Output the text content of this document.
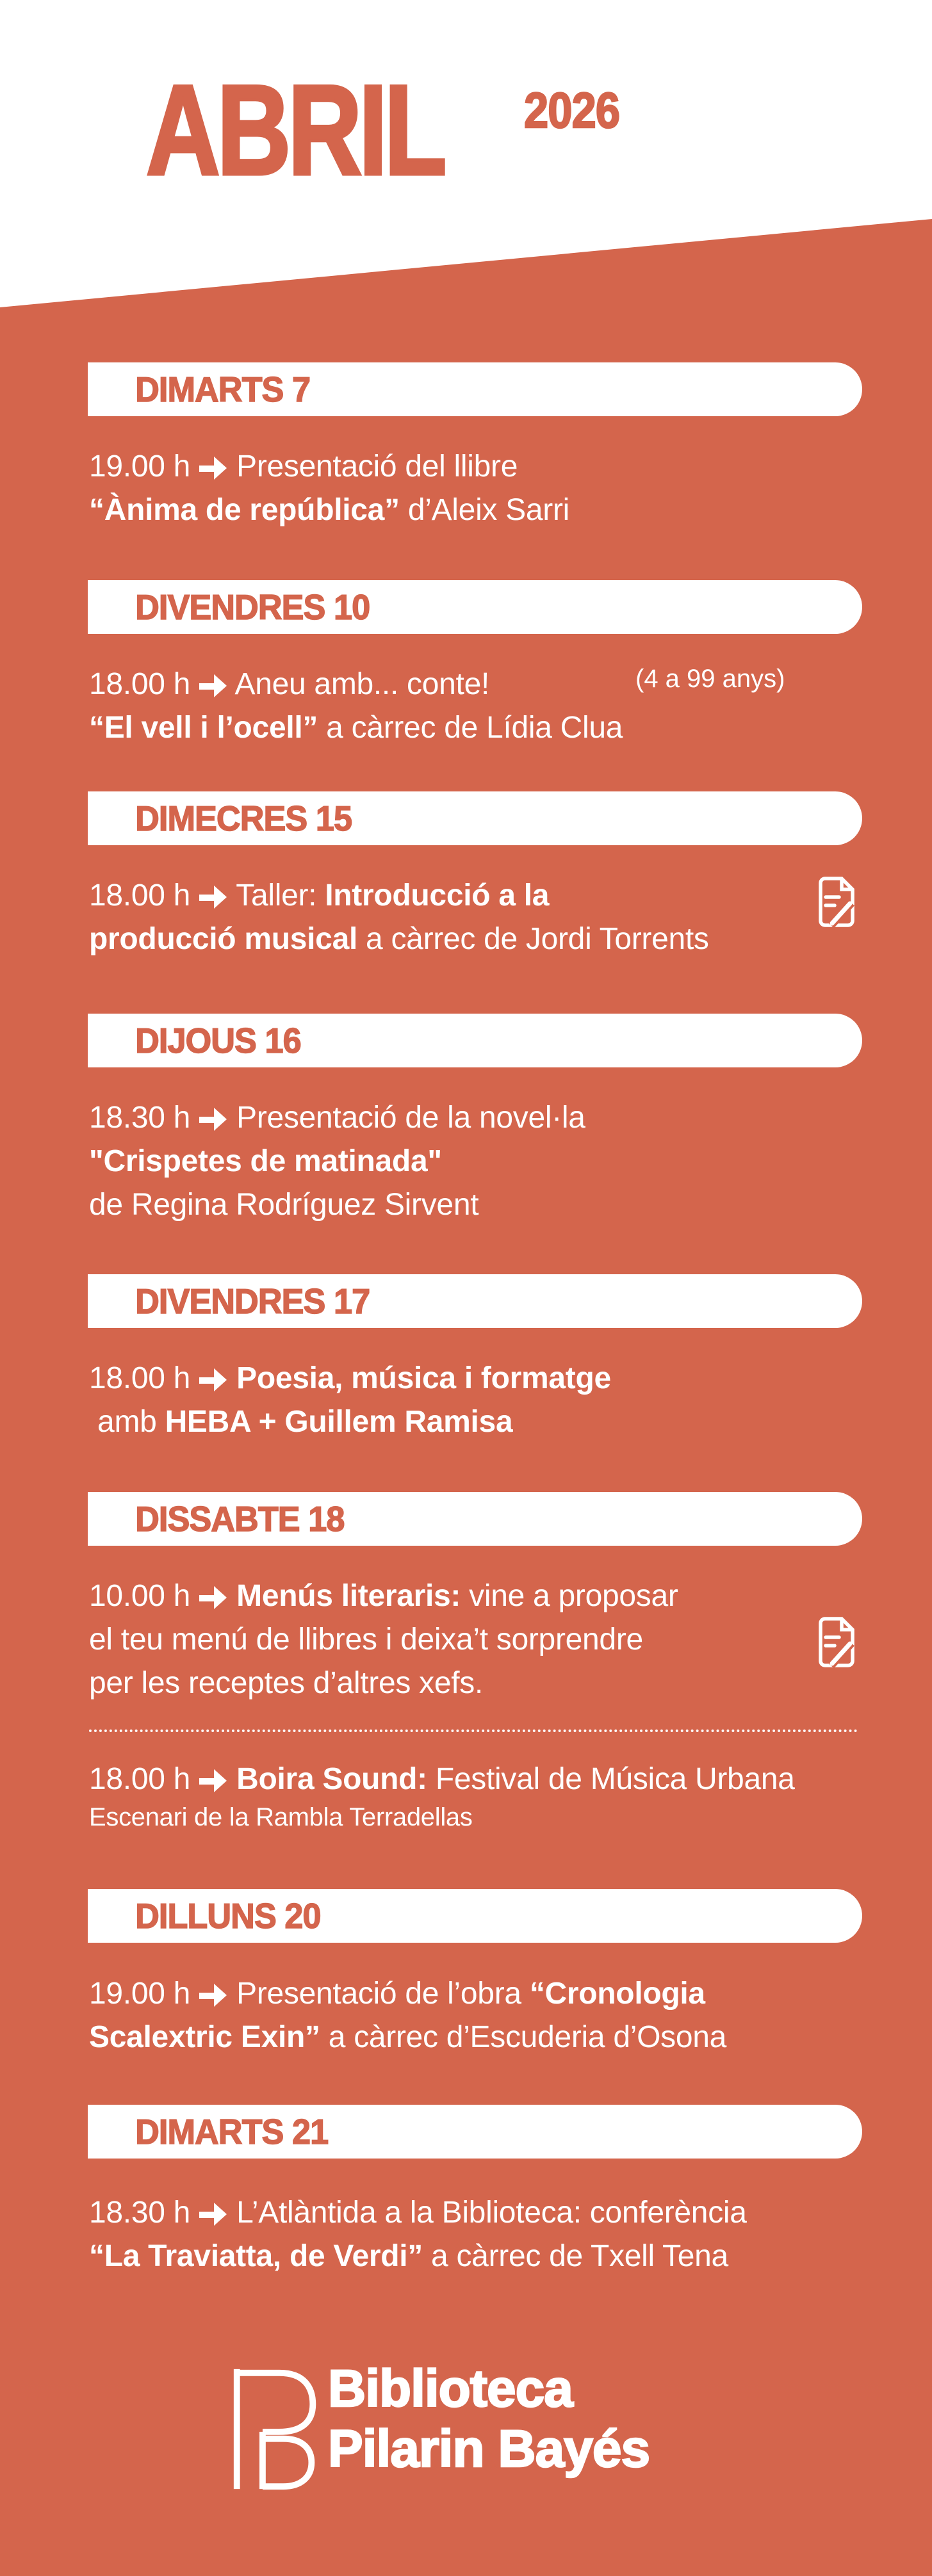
ABRIL 2026
DIMARTS 7
19.00 h  Presentació del llibre
“Ànima de república” d’Aleix Sarri
DIVENDRES 10
18.00 h  Aneu amb... conte!
“El vell i l’ocell” a càrrec de Lídia Clua
(4 a 99 anys)
DIMECRES 15
18.00 h  Taller: Introducció a la
producció musical a càrrec de Jordi Torrents
DIJOUS 16
18.30 h  Presentació de la novel·la
"Crispetes de matinada"
de Regina Rodríguez Sirvent
DIVENDRES 17
18.00 h  Poesia, música i formatge
amb HEBA + Guillem Ramisa
DISSABTE 18
10.00 h  Menús literaris: vine a proposar
el teu menú de llibres i deixa’t sorprendre
per les receptes d’altres xefs.
18.00 h  Boira Sound: Festival de Música Urbana
Escenari de la Rambla Terradellas
DILLUNS 20
19.00 h  Presentació de l’obra “Cronologia
Scalextric Exin” a càrrec d’Escuderia d’Osona
DIMARTS 21
18.30 h  L’Atlàntida a la Biblioteca: conferència
“La Traviatta, de Verdi” a càrrec de Txell Tena
Biblioteca
Pilarin Bayés
